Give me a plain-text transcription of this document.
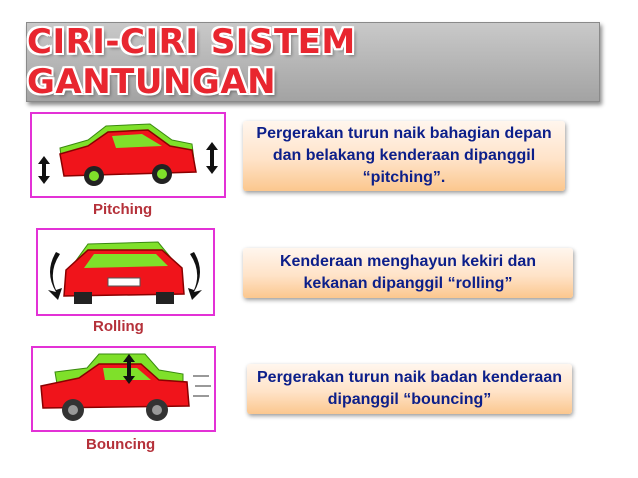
CIRI-CIRI SISTEM GANTUNGAN
Pitching
Rolling
Bouncing
Pergerakan turun naik bahagian depan dan belakang kenderaan dipanggil “pitching”.
Kenderaan menghayun kekiri dan kekanan dipanggil “rolling”
Pergerakan turun naik badan kenderaan dipanggil “bouncing”
